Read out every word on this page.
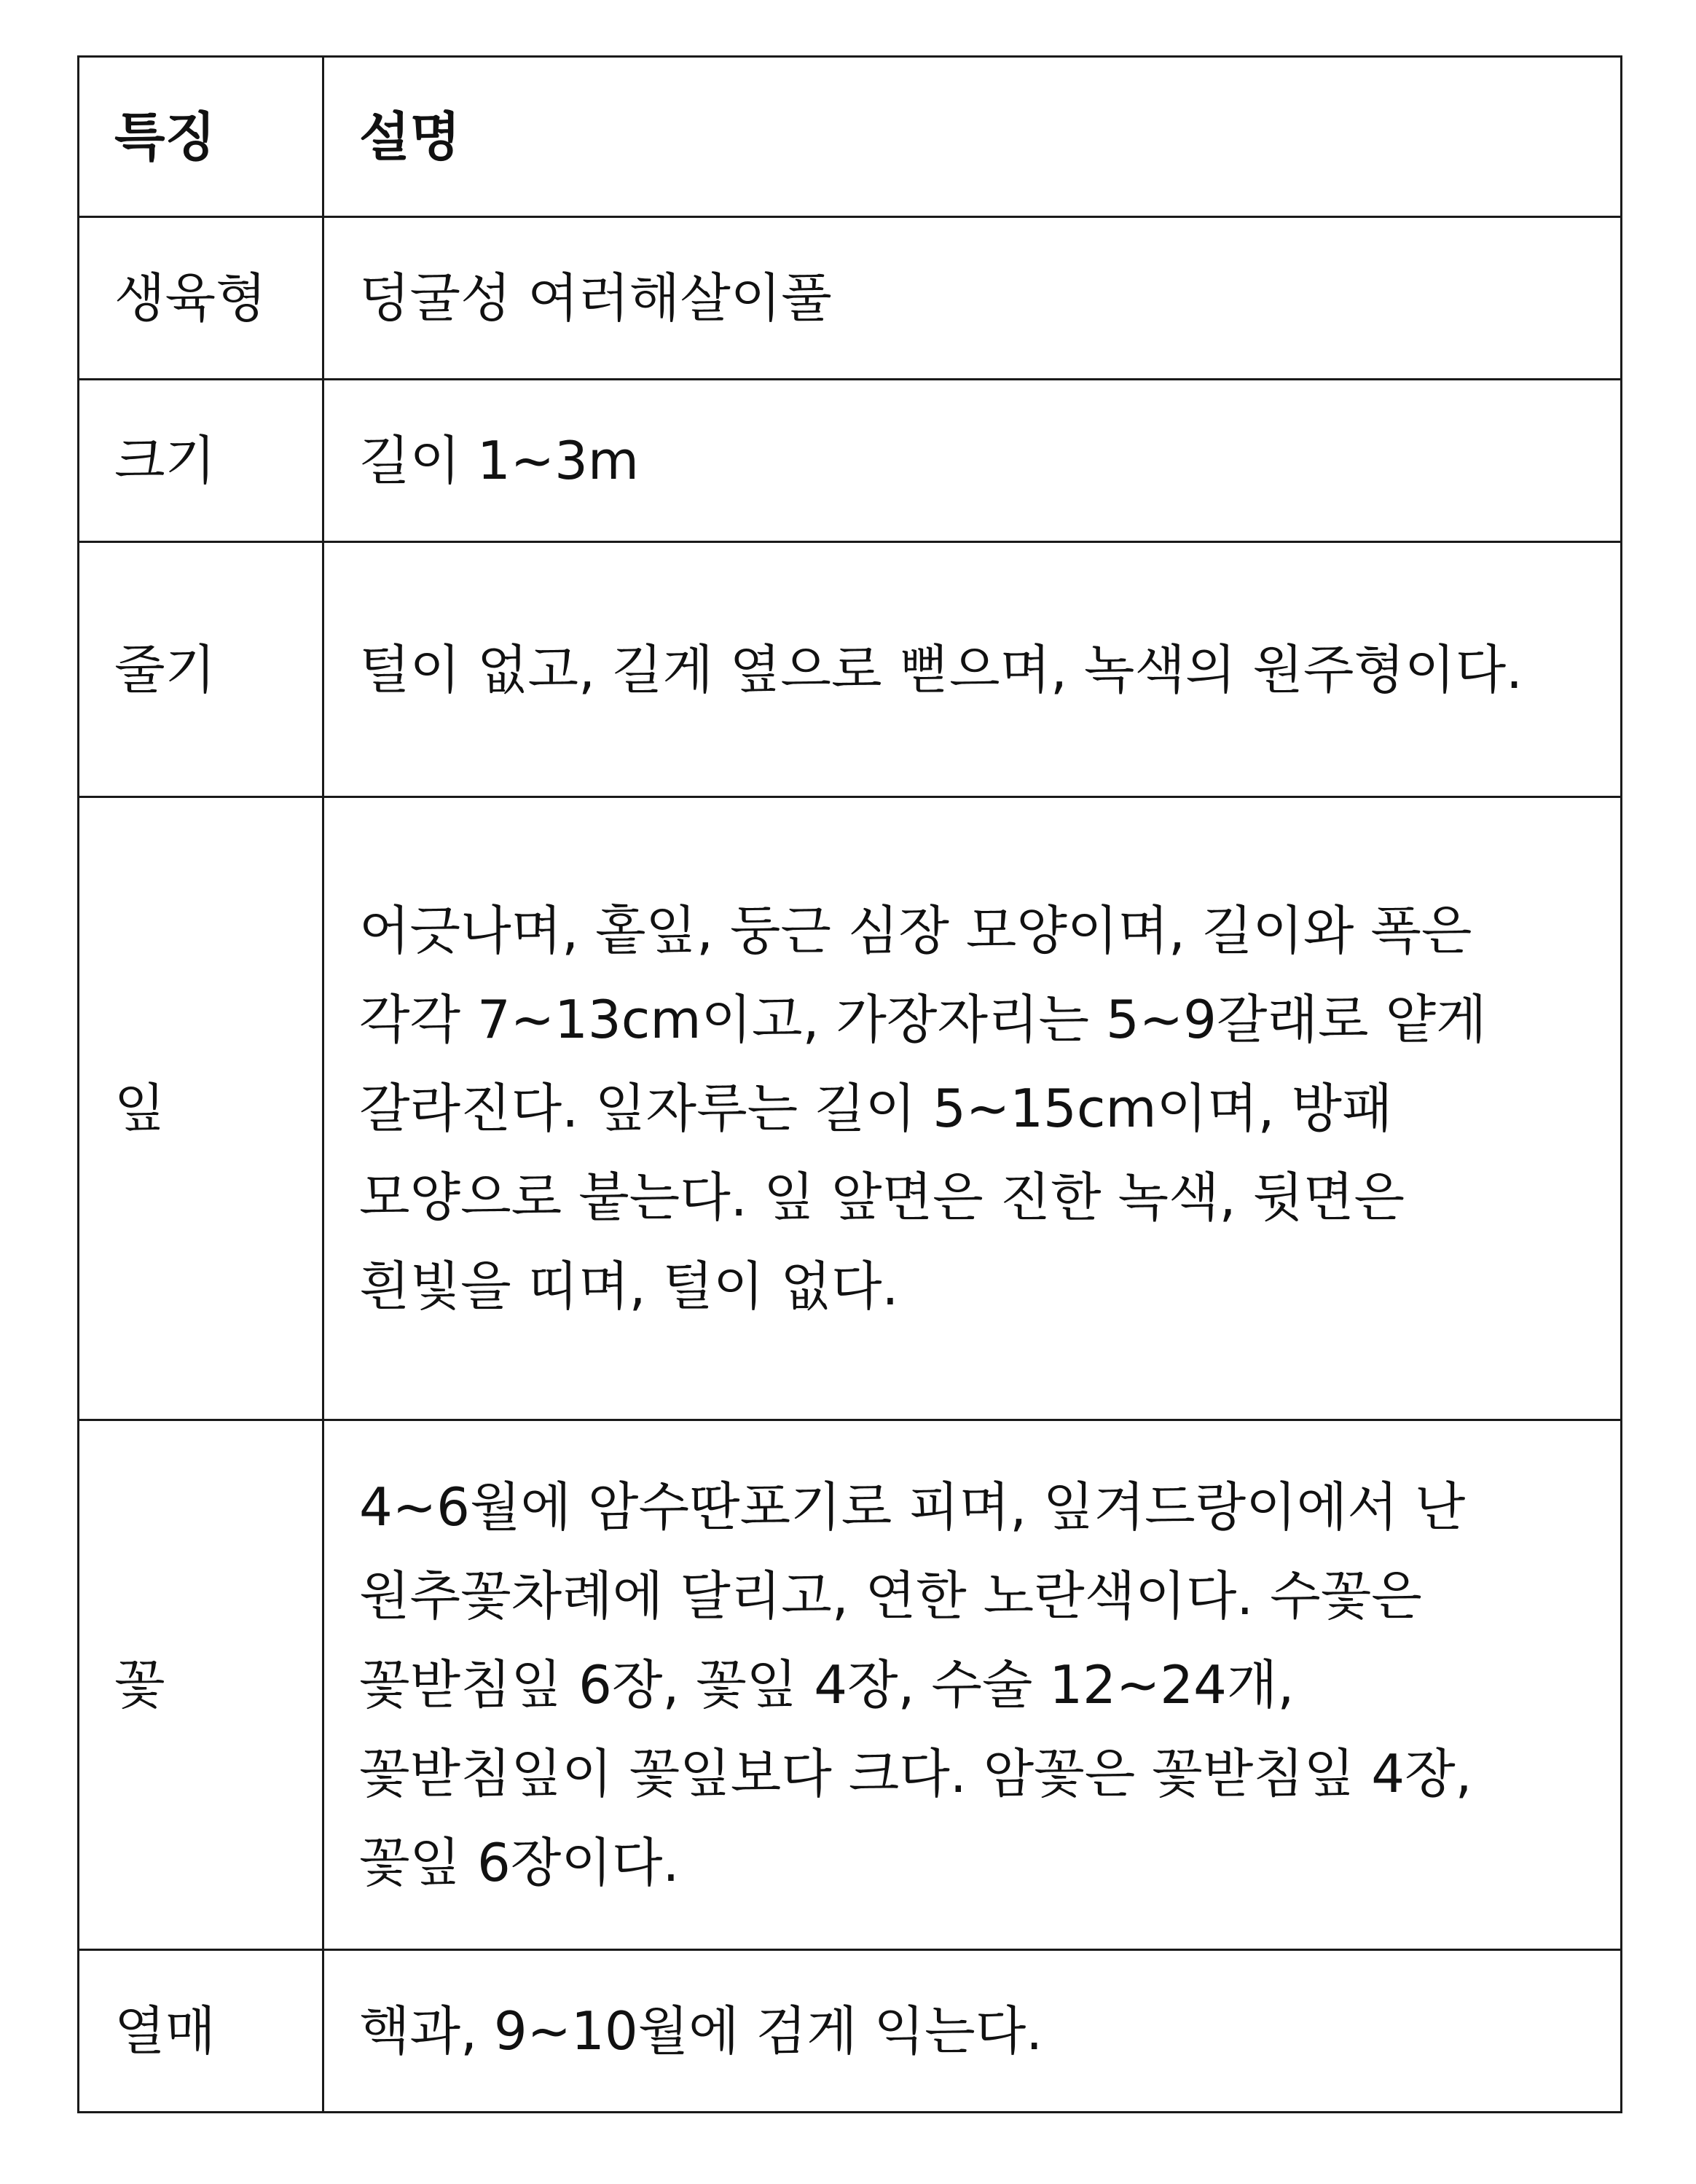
특징	설명
생육형	덩굴성 여러해살이풀
크기	길이 1~3m
줄기	털이 없고, 길게 옆으로 뻗으며, 녹색의 원주형이다.
잎	어긋나며, 홑잎, 둥근 심장 모양이며, 길이와 폭은 각각 7~13cm이고, 가장자리는 5~9갈래로 얕게 갈라진다. 잎자루는 길이 5~15cm이며, 방패 모양으로 붙는다. 잎 앞면은 진한 녹색, 뒷면은 흰빛을 띠며, 털이 없다.
꽃	4~6월에 암수딴포기로 피며, 잎겨드랑이에서 난 원추꽃차례에 달리고, 연한 노란색이다. 수꽃은 꽃받침잎 6장, 꽃잎 4장, 수술 12~24개, 꽃받침잎이 꽃잎보다 크다. 암꽃은 꽃받침잎 4장, 꽃잎 6장이다.
열매	핵과, 9~10월에 검게 익는다.
